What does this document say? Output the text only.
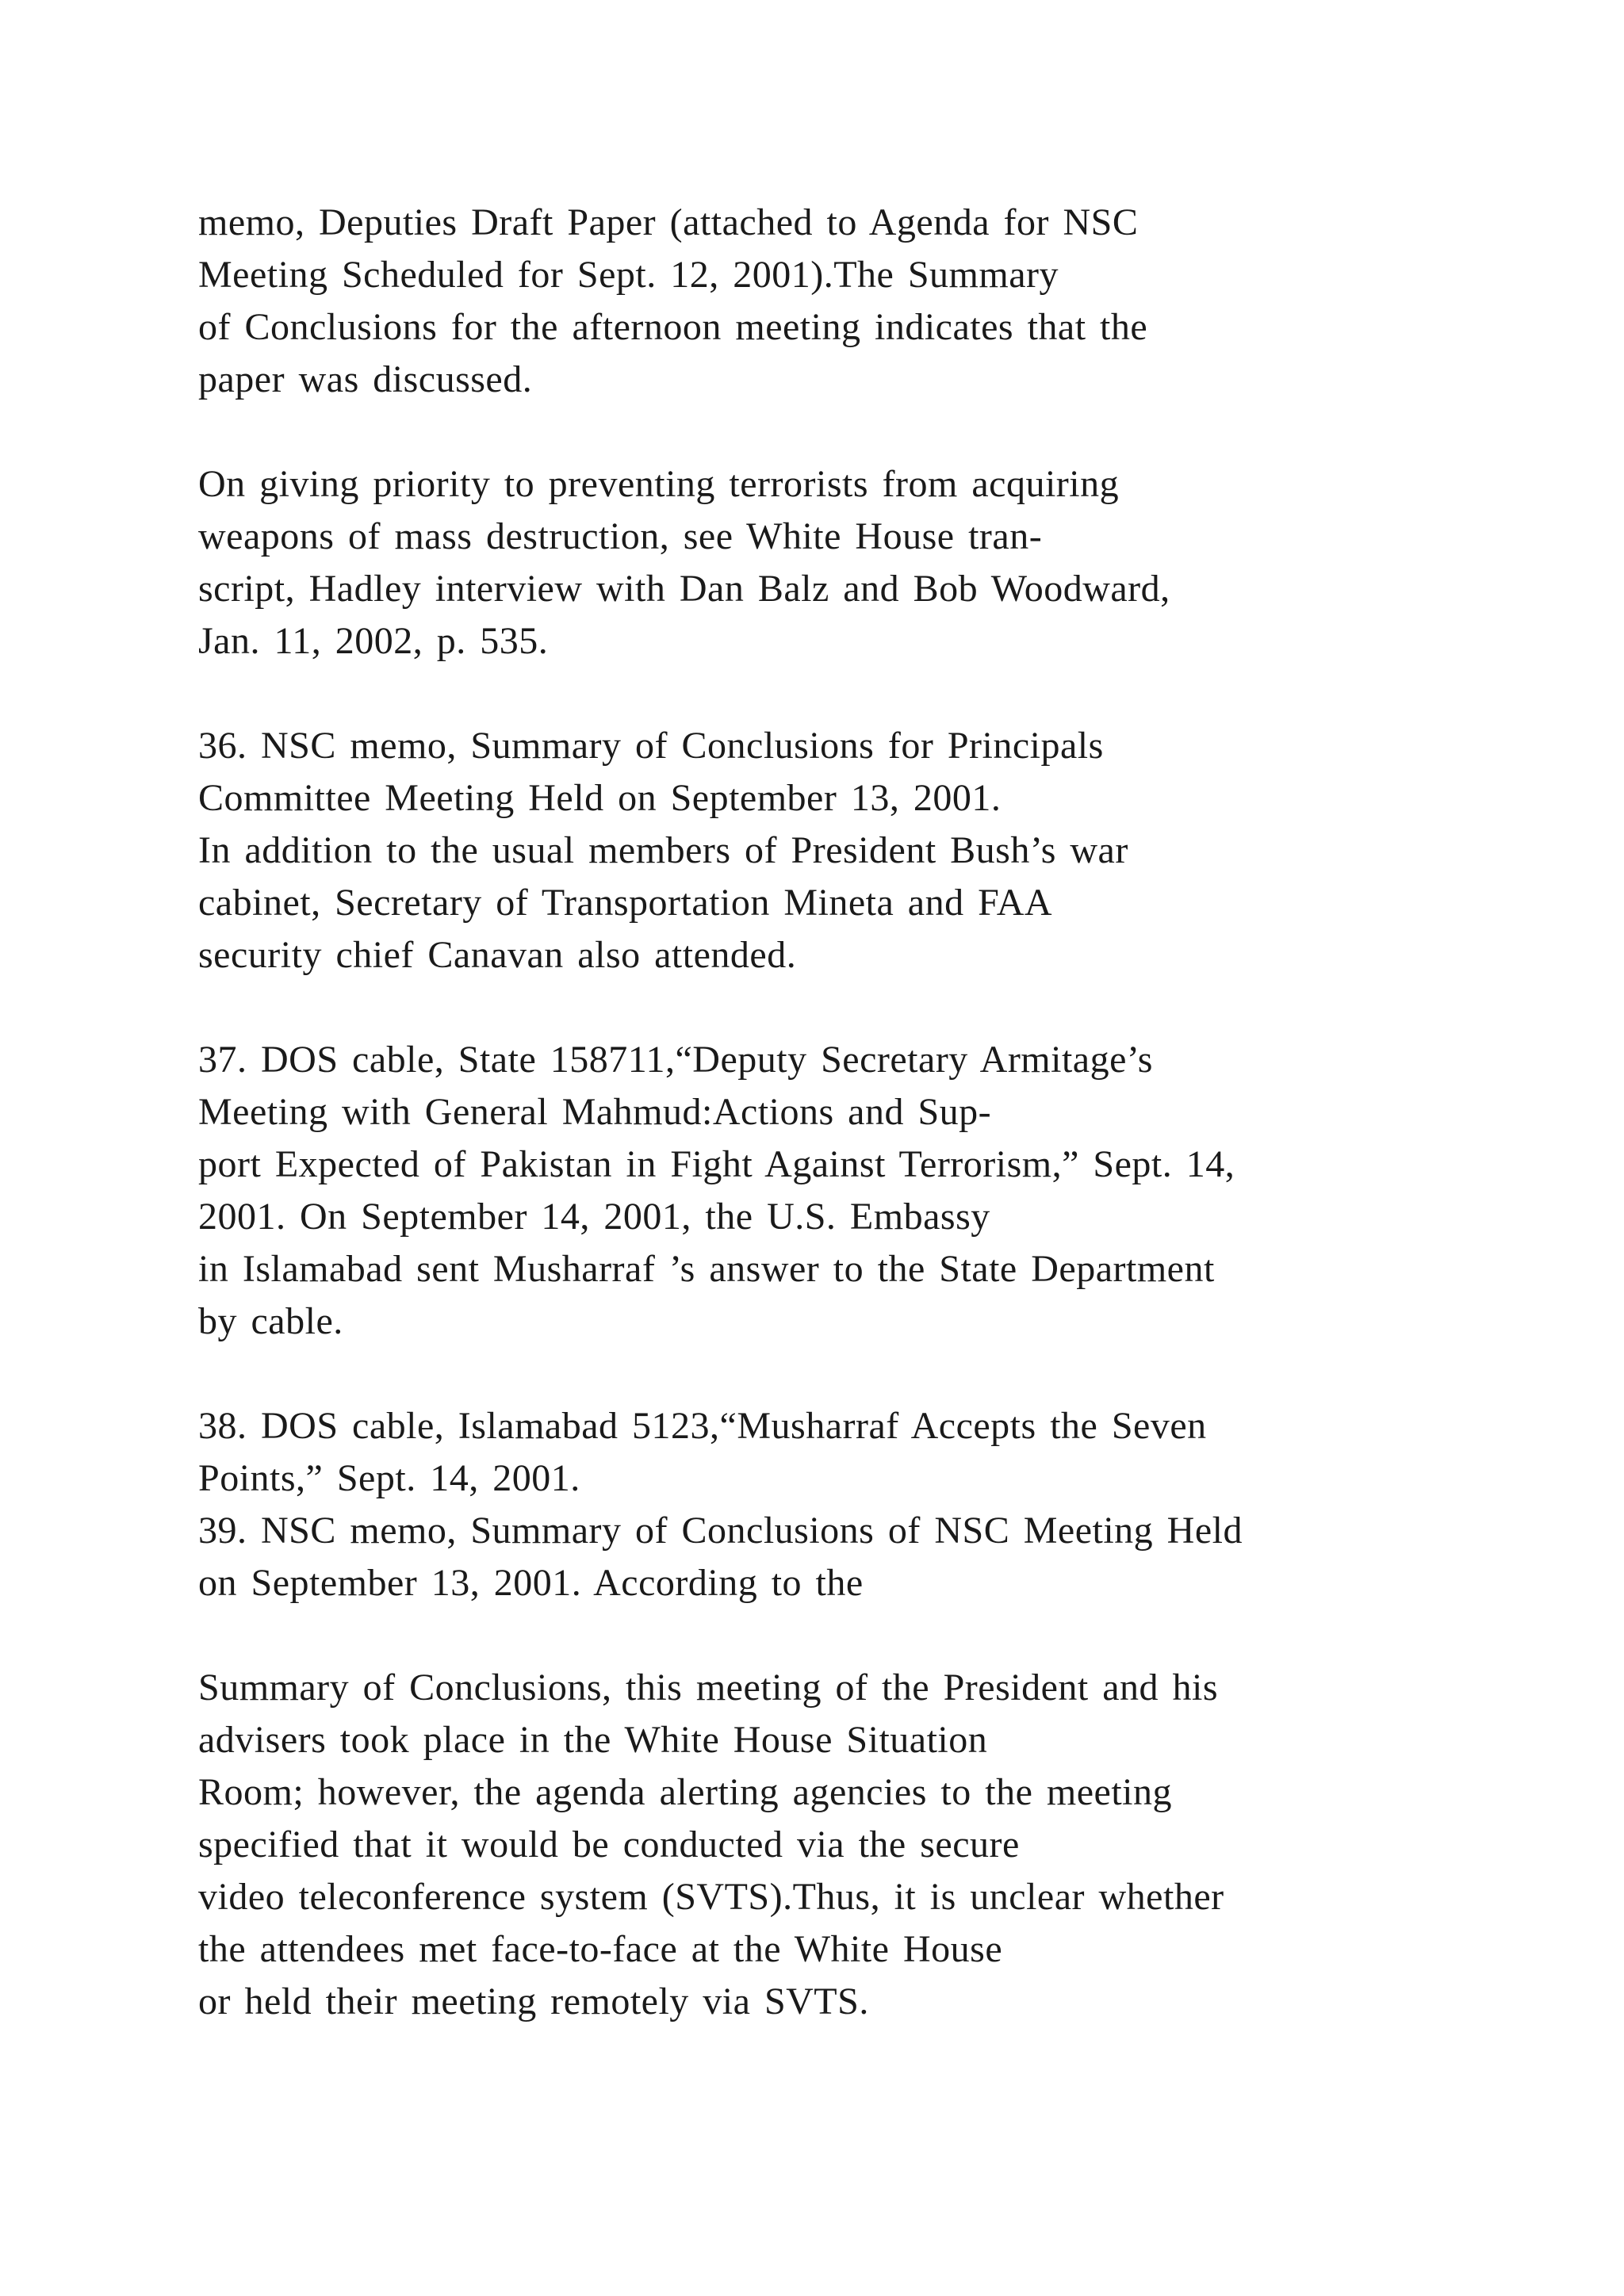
memo, Deputies Draft Paper (attached to Agenda for NSC
Meeting Scheduled for Sept. 12, 2001).The Summary
of Conclusions for the afternoon meeting indicates that the
paper was discussed.

On giving priority to preventing terrorists from acquiring
weapons of mass destruction, see White House tran-
script, Hadley interview with Dan Balz and Bob Woodward,
Jan. 11, 2002, p. 535.

36. NSC memo, Summary of Conclusions for Principals
Committee Meeting Held on September 13, 2001.
In addition to the usual members of President Bush’s war
cabinet, Secretary of Transportation Mineta and FAA
security chief Canavan also attended.

37. DOS cable, State 158711,“Deputy Secretary Armitage’s
Meeting with General Mahmud:Actions and Sup-
port Expected of Pakistan in Fight Against Terrorism,” Sept. 14,
2001. On September 14, 2001, the U.S. Embassy
in Islamabad sent Musharraf ’s answer to the State Department
by cable.

38. DOS cable, Islamabad 5123,“Musharraf Accepts the Seven
Points,” Sept. 14, 2001.

39. NSC memo, Summary of Conclusions of NSC Meeting Held
on September 13, 2001. According to the

Summary of Conclusions, this meeting of the President and his
advisers took place in the White House Situation
Room; however, the agenda alerting agencies to the meeting
specified that it would be conducted via the secure
video teleconference system (SVTS).Thus, it is unclear whether
the attendees met face-to-face at the White House
or held their meeting remotely via SVTS.
